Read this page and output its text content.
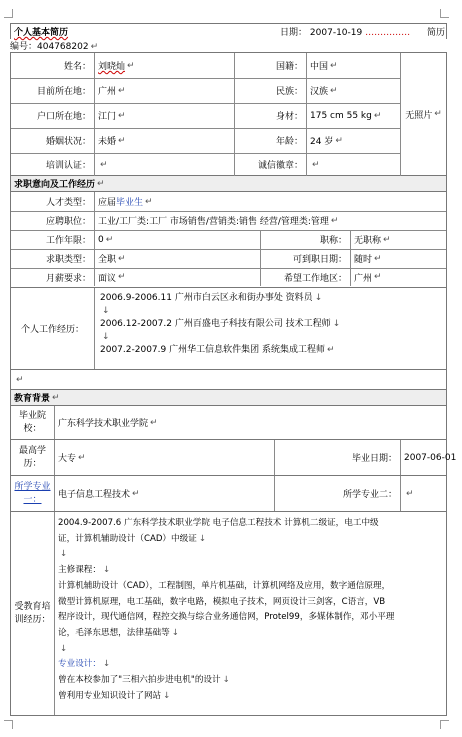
个人基本简历	日期： 2007-10-19 …………… 简历
编号：404768202 ↵
姓名： 刘晓灿 ↵	国籍： 中国 ↵
目前所在地： 广州 ↵	民族： 汉族 ↵
户口所在地： 江门 ↵	身材： 175 cm 55 kg ↵
婚姻状况： 未婚 ↵	年龄： 24 岁 ↵
培训认证：	↵	诚信徽章：	↵
无照片 ↵
求职意向及工作经历 ↵
人才类型： 应届 毕业生 ↵
应聘职位： 工业/工厂类:工厂 市场销售/营销类:销售 经营/管理类:管理 ↵
工作年限： 0 ↵	职称： 无职称 ↵
求职类型： 全职 ↵	可到职日期： 随时 ↵
月薪要求： 面议 ↵	希望工作地区： 广州 ↵
个人工作经历：
2006.9-2006.11 广州市白云区永和街办事处 资料员 ↓
↓
2006.12-2007.2 广州百盛电子科技有限公司 技术工程师 ↓
↓
2007.2-2007.9 广州华工信息软件集团 系统集成工程师 ↵
↵
教育背景 ↵
毕业院校：	广东科学技术职业学院 ↵
最高学历：	大专 ↵	毕业日期： 2007-06-01
所学专业一：	电子信息工程技术 ↵	所学专业二： ↵
受教育培训经历：
2004.9-2007.6 广东科学技术职业学院 电子信息工程技术 计算机二级证，电工中级
证，计算机辅助设计（CAD）中级证 ↓
↓
主修课程： ↓
计算机辅助设计（CAD），工程制图，单片机基础，计算机网络及应用，数字通信原理，
微型计算机原理，电工基础，数字电路，模拟电子技术，网页设计三剑客，C语言，VB
程序设计，现代通信网，程控交换与综合业务通信网，Protel99，多媒体制作，邓小平理
论，毛泽东思想，法律基础等 ↓
↓
专业设计： ↓
曾在本校参加了"三相六拍步进电机"的设计 ↓
曾利用专业知识设计了网站 ↓
